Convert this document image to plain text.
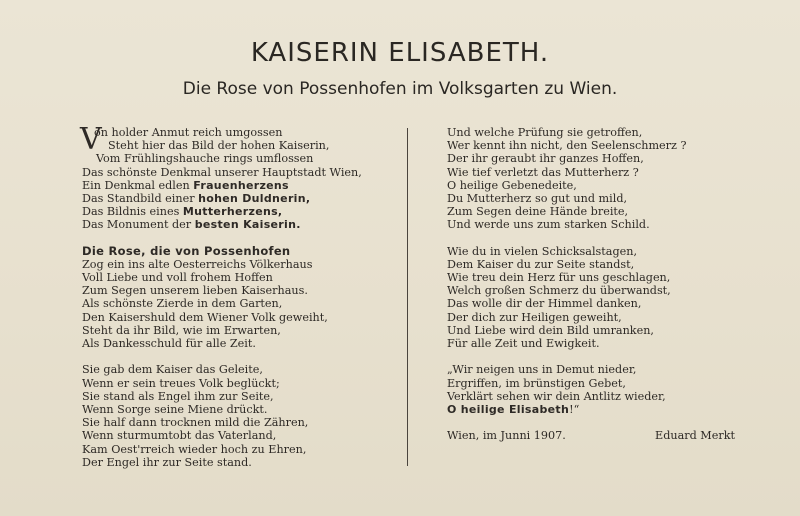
KAISERIN ELISABETH.
Die Rose von Possenhofen im Volksgarten zu Wien.
V
on holder Anmut reich umgossen
Steht hier das Bild der hohen Kaiserin,
Vom Frühlingshauche rings umflossen
Das schönste Denkmal unserer Hauptstadt Wien,
Ein Denkmal edlen Frauenherzens
Das Standbild einer hohen Duldnerin,
Das Bildnis eines Mutterherzens,
Das Monument der besten Kaiserin.
Die Rose, die von Possenhofen
Zog ein ins alte Oesterreichs Völkerhaus
Voll Liebe und voll frohem Hoffen
Zum Segen unserem lieben Kaiserhaus.
Als schönste Zierde in dem Garten,
Den Kaisershuld dem Wiener Volk geweiht,
Steht da ihr Bild, wie im Erwarten,
Als Dankesschuld für alle Zeit.
Sie gab dem Kaiser das Geleite,
Wenn er sein treues Volk beglückt;
Sie stand als Engel ihm zur Seite,
Wenn Sorge seine Miene drückt.
Sie half dann trocknen mild die Zähren,
Wenn sturmumtobt das Vaterland,
Kam Oest'rreich wieder hoch zu Ehren,
Der Engel ihr zur Seite stand.
Und welche Prüfung sie getroffen,
Wer kennt ihn nicht, den Seelenschmerz ?
Der ihr geraubt ihr ganzes Hoffen,
Wie tief verletzt das Mutterherz ?
O heilige Gebenedeite,
Du Mutterherz so gut und mild,
Zum Segen deine Hände breite,
Und werde uns zum starken Schild.
Wie du in vielen Schicksalstagen,
Dem Kaiser du zur Seite standst,
Wie treu dein Herz für uns geschlagen,
Welch großen Schmerz du überwandst,
Das wolle dir der Himmel danken,
Der dich zur Heiligen geweiht,
Und Liebe wird dein Bild umranken,
Für alle Zeit und Ewigkeit.
„Wir neigen uns in Demut nieder,
Ergriffen, im brünstigen Gebet,
Verklärt sehen wir dein Antlitz wieder,
O heilige Elisabeth!“
Wien, im Junni 1907.	Eduard Merkt
